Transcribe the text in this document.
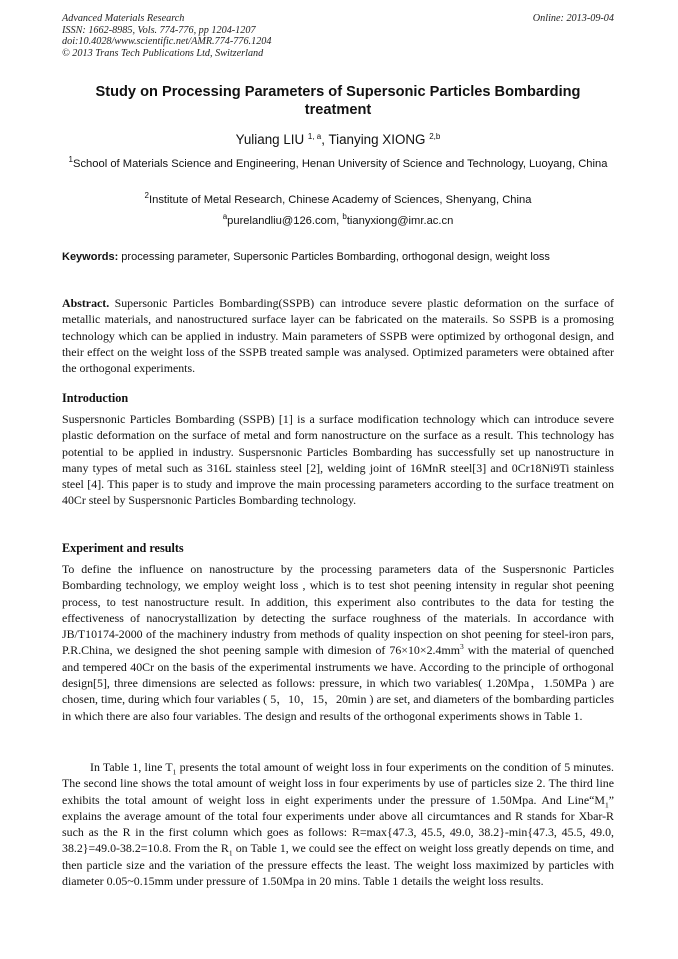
Advanced Materials Research
ISSN: 1662-8985, Vols. 774-776, pp 1204-1207
doi:10.4028/www.scientific.net/AMR.774-776.1204
© 2013 Trans Tech Publications Ltd, Switzerland
Online: 2013-09-04
Study on Processing Parameters of Supersonic Particles Bombarding treatment
Yuliang LIU $^{1, a}$, Tianying XIONG $^{2,b}$
$^1$School of Materials Science and Engineering, Henan University of Science and Technology, Luoyang, China
$^2$Institute of Metal Research, Chinese Academy of Sciences, Shenyang, China
$^a$purelandliu@126.com, $^b$tianyxiong@imr.ac.cn
Keywords: processing parameter, Supersonic Particles Bombarding, orthogonal design, weight loss
Abstract. Supersonic Particles Bombarding(SSPB) can introduce severe plastic deformation on the surface of metallic materials, and nanostructured surface layer can be fabricated on the materails. So SSPB is a promosing technology which can be applied in industry. Main parameters of SSPB were optimized by orthogonal design, and their effect on the weight loss of the SSPB treated sample was analysed. Optimized parameters were obtained after the orthogonal experiments.
Introduction
Suspersnonic Particles Bombarding (SSPB) [1] is a surface modification technology which can introduce severe plastic deformation on the surface of metal and form nanostructure on the surface as a result. This technology has potential to be applied in industry. Suspersnonic Particles Bombarding has successfully set up nanostructure in many types of metal such as 316L stainless steel [2], welding joint of 16MnR steel[3] and 0Cr18Ni9Ti stainless steel [4]. This paper is to study and improve the main processing parameters according to the surface treatment on 40Cr steel by Suspersnonic Particles Bombarding technology.
Experiment and results
To define the influence on nanostructure by the processing parameters data of the Suspersnonic Particles Bombarding technology, we employ weight loss , which is to test shot peening intensity in regular shot peening process, to test nanostructure result. In addition, this experiment also contributes to the data for testing the effectiveness of nanocrystallization by detecting the surface roughness of the materials. In accordance with JB/T10174-2000 of the machinery industry from methods of quality inspection on shot peening for steel-iron pars, P.R.China, we designed the shot peening sample with dimesion of $76\times 10\times 2.4mm^3$ with the material of quenched and tempered 40Cr on the basis of the experimental instruments we have. According to the principle of orthogonal design[5], three dimensions are selected as follows: pressure, in which two variables( 1.20Mpa，1.50MPa ) are chosen, time, during which four variables ( 5，10，15，20min ) are set, and diameters of the bombarding particles in which there are also four variables. The design and results of the orthogonal experiments shows in Table 1.
In Table 1, line $T_1$ presents the total amount of weight loss in four experiments on the condition of 5 minutes. The second line shows the total amount of weight loss in four experiments by use of particles size 2. The third line exhibits the total amount of weight loss in eight experiments under the pressure of 1.50Mpa. And $Line“M_1$” explains the average amount of the total four experiments under above all circumtances and R stands for Xbar-R such as the R in the first column which goes as follows: R=max{47.3, 45.5, 49.0, 38.2}-min{47.3, 45.5, 49.0, 38.2}=49.0-38.2=10.8. From the $R_1$ on Table 1, we could see the effect on weight loss greatly depends on time, and then particle size and the variation of the pressure effects the least. The weight loss maximized by particles with diameter 0.05~0.15mm under pressure of 1.50Mpa in 20 mins. Table 1 details the weight loss results.
